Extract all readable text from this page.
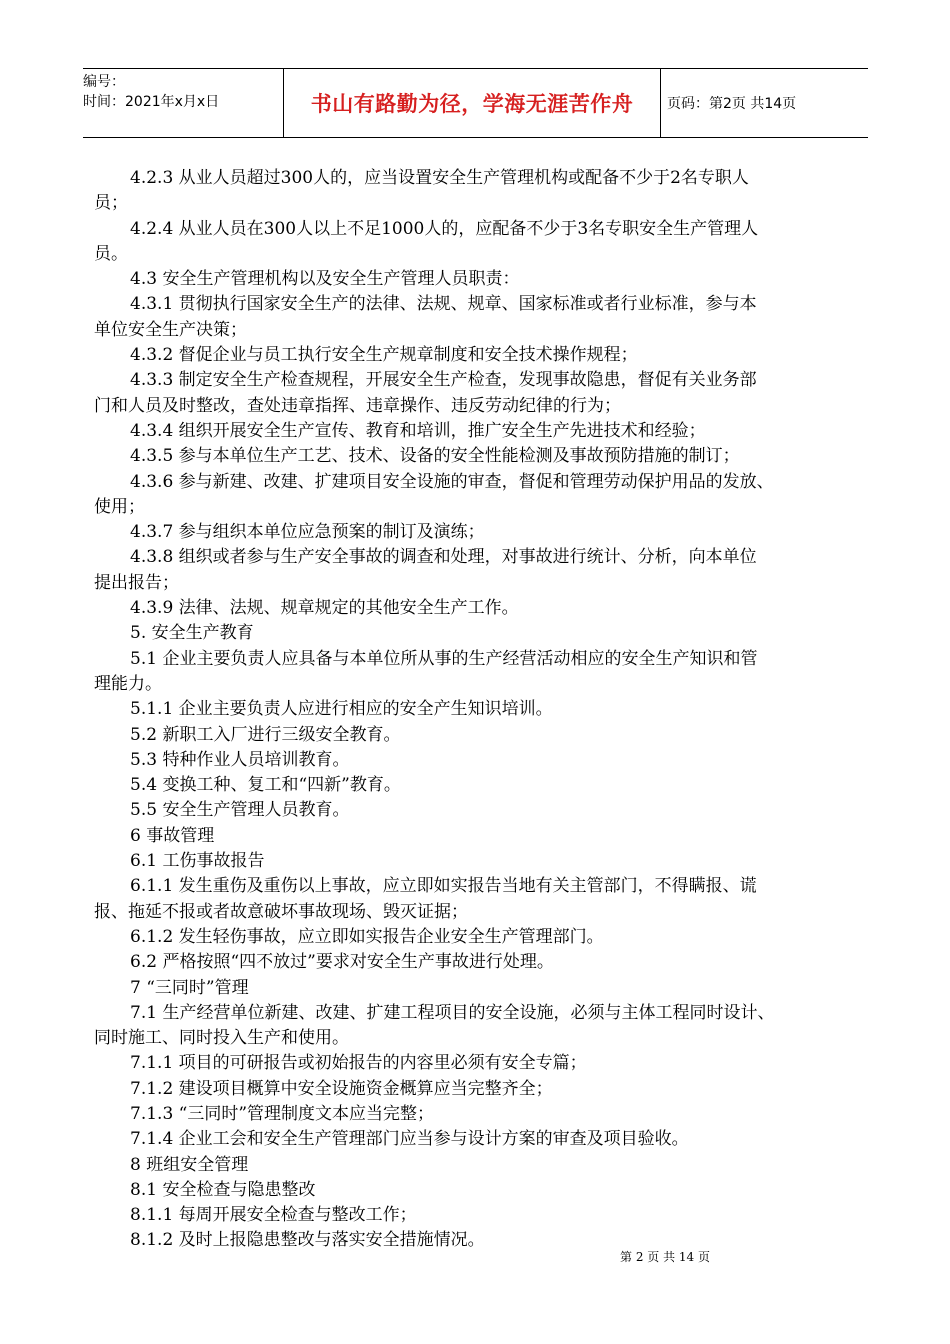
编号：
时间：2021年x月x日	书山有路勤为径，学海无涯苦作舟	页码：第2页 共14页
4.2.3 从业人员超过300人的，应当设置安全生产管理机构或配备不少于2名专职人
员；
4.2.4 从业人员在300人以上不足1000人的，应配备不少于3名专职安全生产管理人
员。
4.3 安全生产管理机构以及安全生产管理人员职责：
4.3.1 贯彻执行国家安全生产的法律、法规、规章、国家标准或者行业标准，参与本
单位安全生产决策；
4.3.2 督促企业与员工执行安全生产规章制度和安全技术操作规程；
4.3.3 制定安全生产检查规程，开展安全生产检查，发现事故隐患，督促有关业务部
门和人员及时整改，查处违章指挥、违章操作、违反劳动纪律的行为；
4.3.4 组织开展安全生产宣传、教育和培训，推广安全生产先进技术和经验；
4.3.5 参与本单位生产工艺、技术、设备的安全性能检测及事故预防措施的制订；
4.3.6 参与新建、改建、扩建项目安全设施的审查，督促和管理劳动保护用品的发放、
使用；
4.3.7 参与组织本单位应急预案的制订及演练；
4.3.8 组织或者参与生产安全事故的调查和处理，对事故进行统计、分析，向本单位
提出报告；
4.3.9 法律、法规、规章规定的其他安全生产工作。
5. 安全生产教育
5.1 企业主要负责人应具备与本单位所从事的生产经营活动相应的安全生产知识和管
理能力。
5.1.1 企业主要负责人应进行相应的安全产生知识培训。
5.2 新职工入厂进行三级安全教育。
5.3 特种作业人员培训教育。
5.4 变换工种、复工和“四新”教育。
5.5 安全生产管理人员教育。
6 事故管理
6.1 工伤事故报告
6.1.1 发生重伤及重伤以上事故，应立即如实报告当地有关主管部门，不得瞒报、谎
报、拖延不报或者故意破坏事故现场、毁灭证据；
6.1.2 发生轻伤事故，应立即如实报告企业安全生产管理部门。
6.2 严格按照“四不放过”要求对安全生产事故进行处理。
7 “三同时”管理
7.1 生产经营单位新建、改建、扩建工程项目的安全设施，必须与主体工程同时设计、
同时施工、同时投入生产和使用。
7.1.1 项目的可研报告或初始报告的内容里必须有安全专篇；
7.1.2 建设项目概算中安全设施资金概算应当完整齐全；
7.1.3 “三同时”管理制度文本应当完整；
7.1.4 企业工会和安全生产管理部门应当参与设计方案的审查及项目验收。
8 班组安全管理
8.1 安全检查与隐患整改
8.1.1 每周开展安全检查与整改工作；
8.1.2 及时上报隐患整改与落实安全措施情况。
第 2 页 共 14 页
